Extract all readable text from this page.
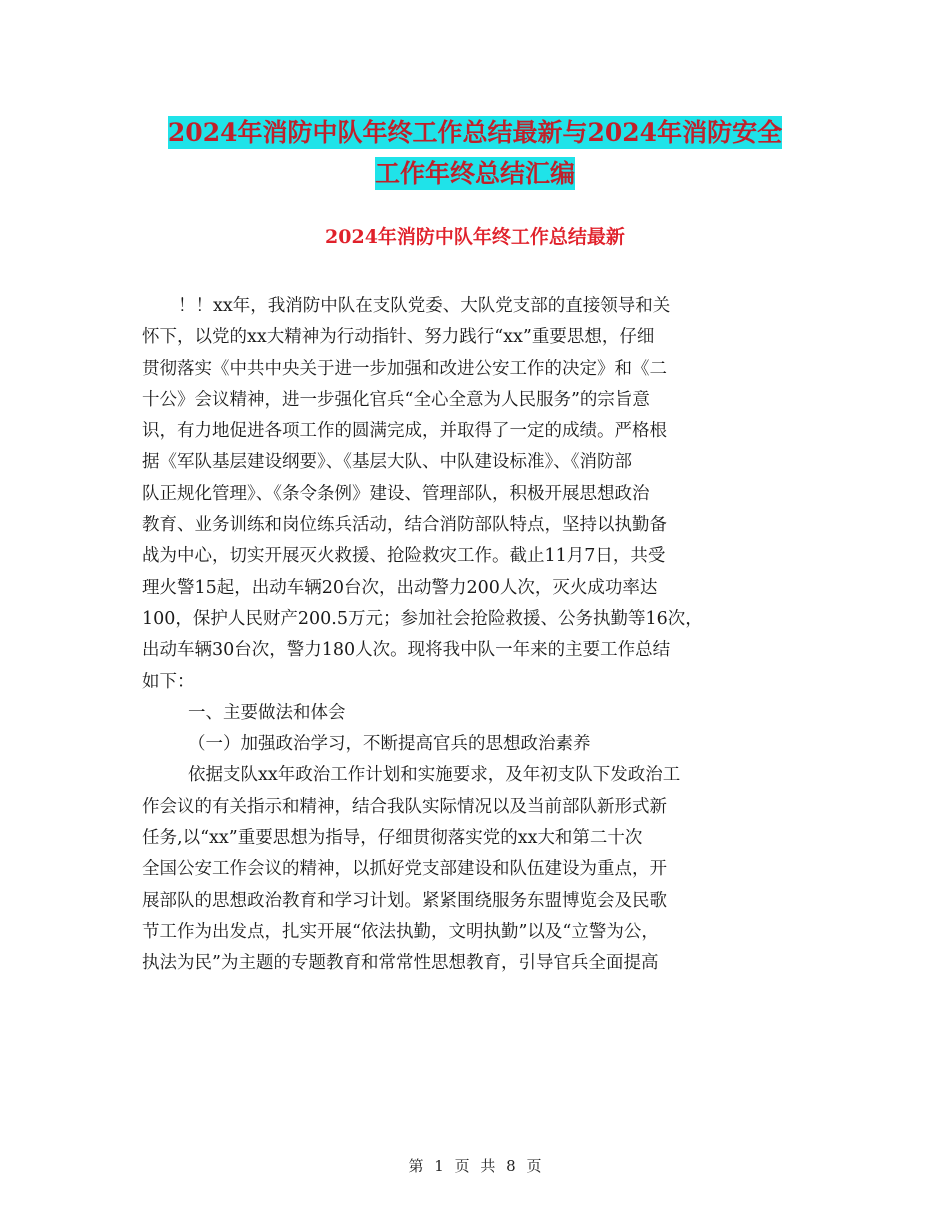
2024年消防中队年终工作总结最新与2024年消防安全
工作年终总结汇编
2024年消防中队年终工作总结最新
！！xx年，我消防中队在支队党委、大队党支部的直接领导和关
怀下，以党的xx大精神为行动指针、努力践行“xx”重要思想，仔细
贯彻落实《中共中央关于进一步加强和改进公安工作的决定》和《二
十公》会议精神，进一步强化官兵“全心全意为人民服务”的宗旨意
识，有力地促进各项工作的圆满完成，并取得了一定的成绩。严格根
据《军队基层建设纲要》、《基层大队、中队建设标准》、《消防部
队正规化管理》、《条令条例》建设、管理部队，积极开展思想政治
教育、业务训练和岗位练兵活动，结合消防部队特点，坚持以执勤备
战为中心，切实开展灭火救援、抢险救灾工作。截止11月7日，共受
理火警15起，出动车辆20台次，出动警力200人次，灭火成功率达
100，保护人民财产200.5万元；参加社会抢险救援、公务执勤等16次，
出动车辆30台次，警力180人次。现将我中队一年来的主要工作总结
如下：
一、主要做法和体会
（一）加强政治学习，不断提高官兵的思想政治素养
依据支队xx年政治工作计划和实施要求，及年初支队下发政治工
作会议的有关指示和精神，结合我队实际情况以及当前部队新形式新
任务,以“xx”重要思想为指导，仔细贯彻落实党的xx大和第二十次
全国公安工作会议的精神，以抓好党支部建设和队伍建设为重点，开
展部队的思想政治教育和学习计划。紧紧围绕服务东盟博览会及民歌
节工作为出发点，扎实开展“依法执勤，文明执勤”以及“立警为公，
执法为民”为主题的专题教育和常常性思想教育，引导官兵全面提高
第 1 页 共 8 页
